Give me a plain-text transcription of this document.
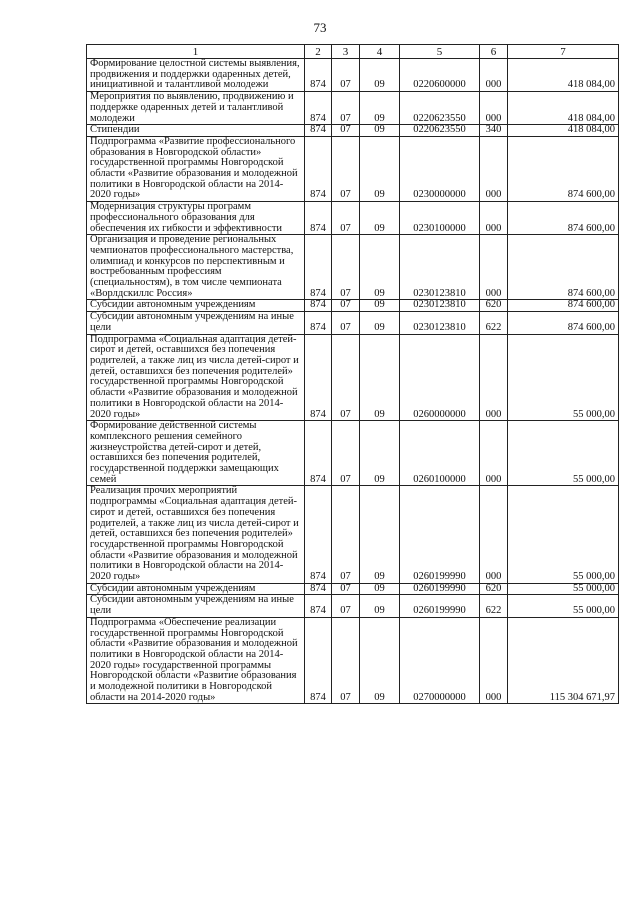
73
1	2	3	4	5	6	7
Формирование целостной системы выявления, продвижения и поддержки одаренных детей, инициативной и талантливой молодежи	874	07	09	0220600000	000	418 084,00
Мероприятия по выявлению, продвижению и поддержке одаренных детей и талантливой молодежи	874	07	09	0220623550	000	418 084,00
Стипендии	874	07	09	0220623550	340	418 084,00
Подпрограмма «Развитие профессионального образования в Новгородской области» государственной программы Новгородской области «Развитие образования и молодежной политики в Новгородской области на 2014-2020 годы»	874	07	09	0230000000	000	874 600,00
Модернизация структуры программ профессионального образования для обеспечения их гибкости и эффективности	874	07	09	0230100000	000	874 600,00
Организация и проведение региональных чемпионатов профессионального мастерства, олимпиад и конкурсов по перспективным и востребованным профессиям (специальностям), в том числе чемпионата «Ворлдскиллс Россия»	874	07	09	0230123810	000	874 600,00
Субсидии автономным учреждениям	874	07	09	0230123810	620	874 600,00
Субсидии автономным учреждениям на иные цели	874	07	09	0230123810	622	874 600,00
Подпрограмма «Социальная адаптация детей-сирот и детей, оставшихся без попечения родителей, а также лиц из числа детей-сирот и детей, оставшихся без попечения родителей» государственной программы Новгородской области «Развитие образования и молодежной политики в Новгородской области на 2014-2020 годы»	874	07	09	0260000000	000	55 000,00
Формирование действенной системы комплексного решения семейного жизнеустройства детей-сирот и детей, оставшихся без попечения родителей, государственной поддержки замещающих семей	874	07	09	0260100000	000	55 000,00
Реализация прочих мероприятий подпрограммы «Социальная адаптация детей-сирот и детей, оставшихся без попечения родителей, а также лиц из числа детей-сирот и детей, оставшихся без попечения родителей» государственной программы Новгородской области «Развитие образования и молодежной политики в Новгородской области на 2014-2020 годы»	874	07	09	0260199990	000	55 000,00
Субсидии автономным учреждениям	874	07	09	0260199990	620	55 000,00
Субсидии автономным учреждениям на иные цели	874	07	09	0260199990	622	55 000,00
Подпрограмма «Обеспечение реализации государственной программы Новгородской области «Развитие образования и молодежной политики в Новгородской области на 2014-2020 годы» государственной программы Новгородской области «Развитие образования и молодежной политики в Новгородской области на 2014-2020 годы»	874	07	09	0270000000	000	115 304 671,97
